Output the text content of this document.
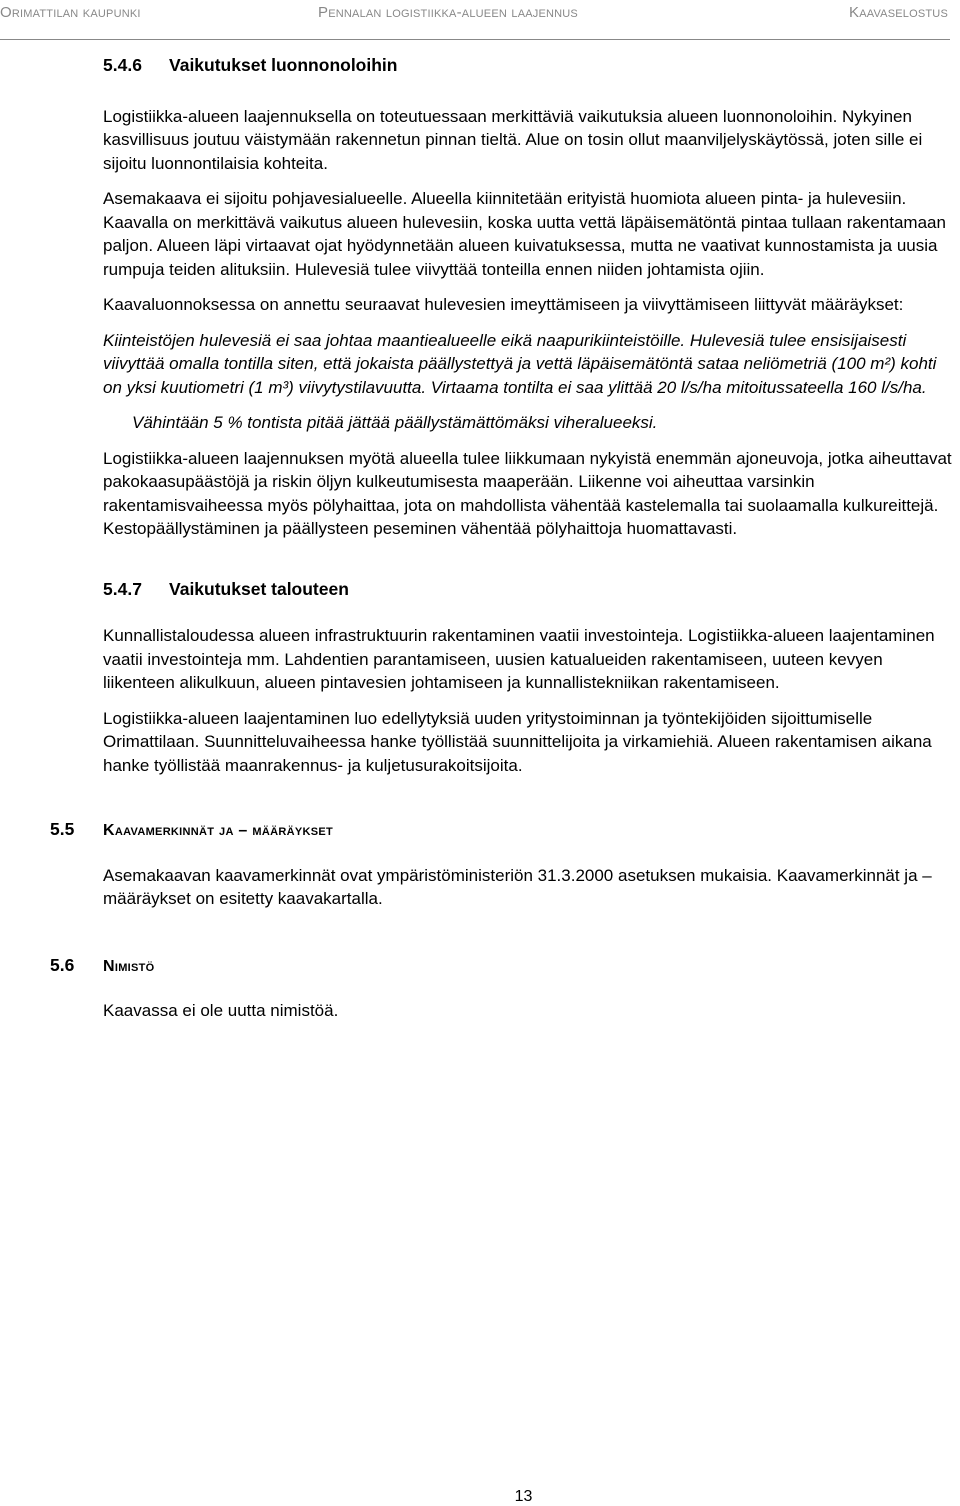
Orimattilan kaupunki	Pennalan logistiikka-alueen laajennus	Kaavaselostus
5.4.6 Vaikutukset luonnonoloihin

Logistiikka-alueen laajennuksella on toteutuessaan merkittäviä vaikutuksia alueen luonnonoloihin. Nykyinen kasvillisuus joutuu väistymään rakennetun pinnan tieltä. Alue on tosin ollut maanviljelyskäytössä, joten sille ei sijoitu luonnontilaisia kohteita.

Asemakaava ei sijoitu pohjavesialueelle. Alueella kiinnitetään erityistä huomiota alueen pinta- ja hulevesiin. Kaavalla on merkittävä vaikutus alueen hulevesiin, koska uutta vettä läpäisemätöntä pintaa tullaan rakentamaan paljon. Alueen läpi virtaavat ojat hyödynnetään alueen kuivatuksessa, mutta ne vaativat kunnostamista ja uusia rumpuja teiden alituksiin. Hulevesiä tulee viivyttää tonteilla ennen niiden johtamista ojiin.

Kaavaluonnoksessa on annettu seuraavat hulevesien imeyttämiseen ja viivyttämiseen liittyvät määräykset:

Kiinteistöjen hulevesiä ei saa johtaa maantiealueelle eikä naapurikiinteistöille. Hulevesiä tulee ensisijaisesti viivyttää omalla tontilla siten, että jokaista päällystettyä ja vettä läpäisemätöntä sataa neliömetriä (100 m²) kohti on yksi kuutiometri (1 m³) viivytystilavuutta. Virtaama tontilta ei saa ylittää 20 l/s/ha mitoitussateella 160 l/s/ha.

Vähintään 5 % tontista pitää jättää päällystämättömäksi viheralueeksi.

Logistiikka-alueen laajennuksen myötä alueella tulee liikkumaan nykyistä enemmän ajoneuvoja, jotka aiheuttavat pakokaasupäästöjä ja riskin öljyn kulkeutumisesta maaperään. Liikenne voi aiheuttaa varsinkin rakentamisvaiheessa myös pölyhaittaa, jota on mahdollista vähentää kastelemalla tai suolaamalla kulkureittejä. Kestopäällystäminen ja päällysteen peseminen vähentää pölyhaittoja huomattavasti.

5.4.7 Vaikutukset talouteen

Kunnallistaloudessa alueen infrastruktuurin rakentaminen vaatii investointeja. Logistiikka-alueen laajentaminen vaatii investointeja mm. Lahdentien parantamiseen, uusien katualueiden rakentamiseen, uuteen kevyen liikenteen alikulkuun, alueen pintavesien johtamiseen ja kunnallistekniikan rakentamiseen.

Logistiikka-alueen laajentaminen luo edellytyksiä uuden yritystoiminnan ja työntekijöiden sijoittumiselle Orimattilaan. Suunnitteluvaiheessa hanke työllistää suunnittelijoita ja virkamiehiä. Alueen rakentamisen aikana hanke työllistää maanrakennus- ja kuljetusurakoitsijoita.

5.5	Kaavamerkinnät ja – määräykset

Asemakaavan kaavamerkinnät ovat ympäristöministeriön 31.3.2000 asetuksen mukaisia. Kaavamerkinnät ja – määräykset on esitetty kaavakartalla.

5.6	Nimistö

Kaavassa ei ole uutta nimistöä.

13
